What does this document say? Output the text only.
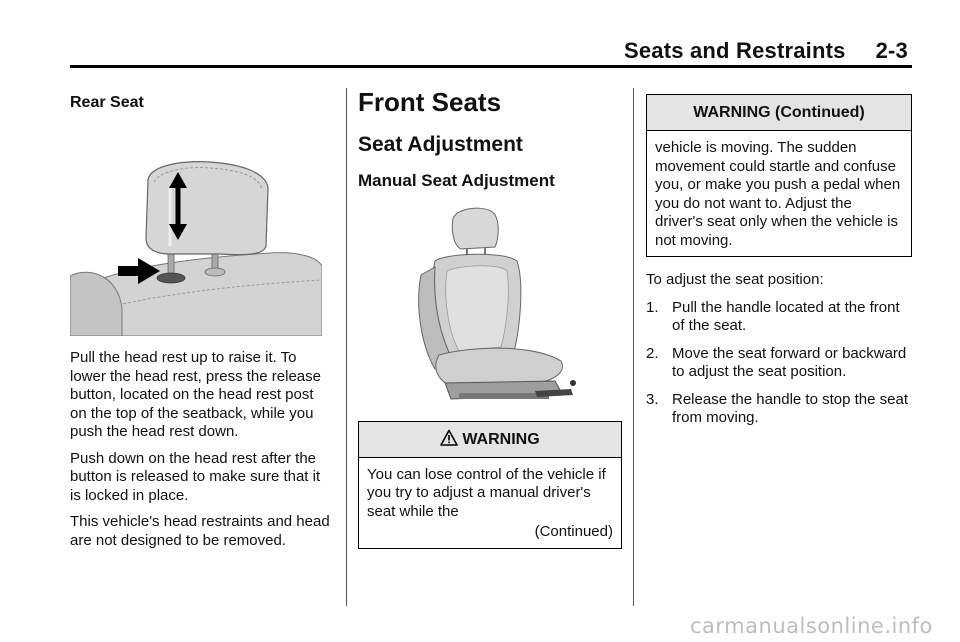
Seats and Restraints 2-3
Rear Seat

Pull the head rest up to raise it. To lower the head rest, press the release button, located on the head rest post on the top of the seatback, while you push the head rest down.

Push down on the head rest after the button is released to make sure that it is locked in place.

This vehicle's head restraints and head are not designed to be removed.

Front Seats
Seat Adjustment
Manual Seat Adjustment
WARNING
You can lose control of the vehicle if you try to adjust a manual driver's seat while the
(Continued)
WARNING (Continued)
vehicle is moving. The sudden movement could startle and confuse you, or make you push a pedal when you do not want to. Adjust the driver's seat only when the vehicle is not moving.

To adjust the seat position:

1. Pull the handle located at the front of the seat.
2. Move the seat forward or backward to adjust the seat position.
3. Release the handle to stop the seat from moving.
carmanualsonline.info
